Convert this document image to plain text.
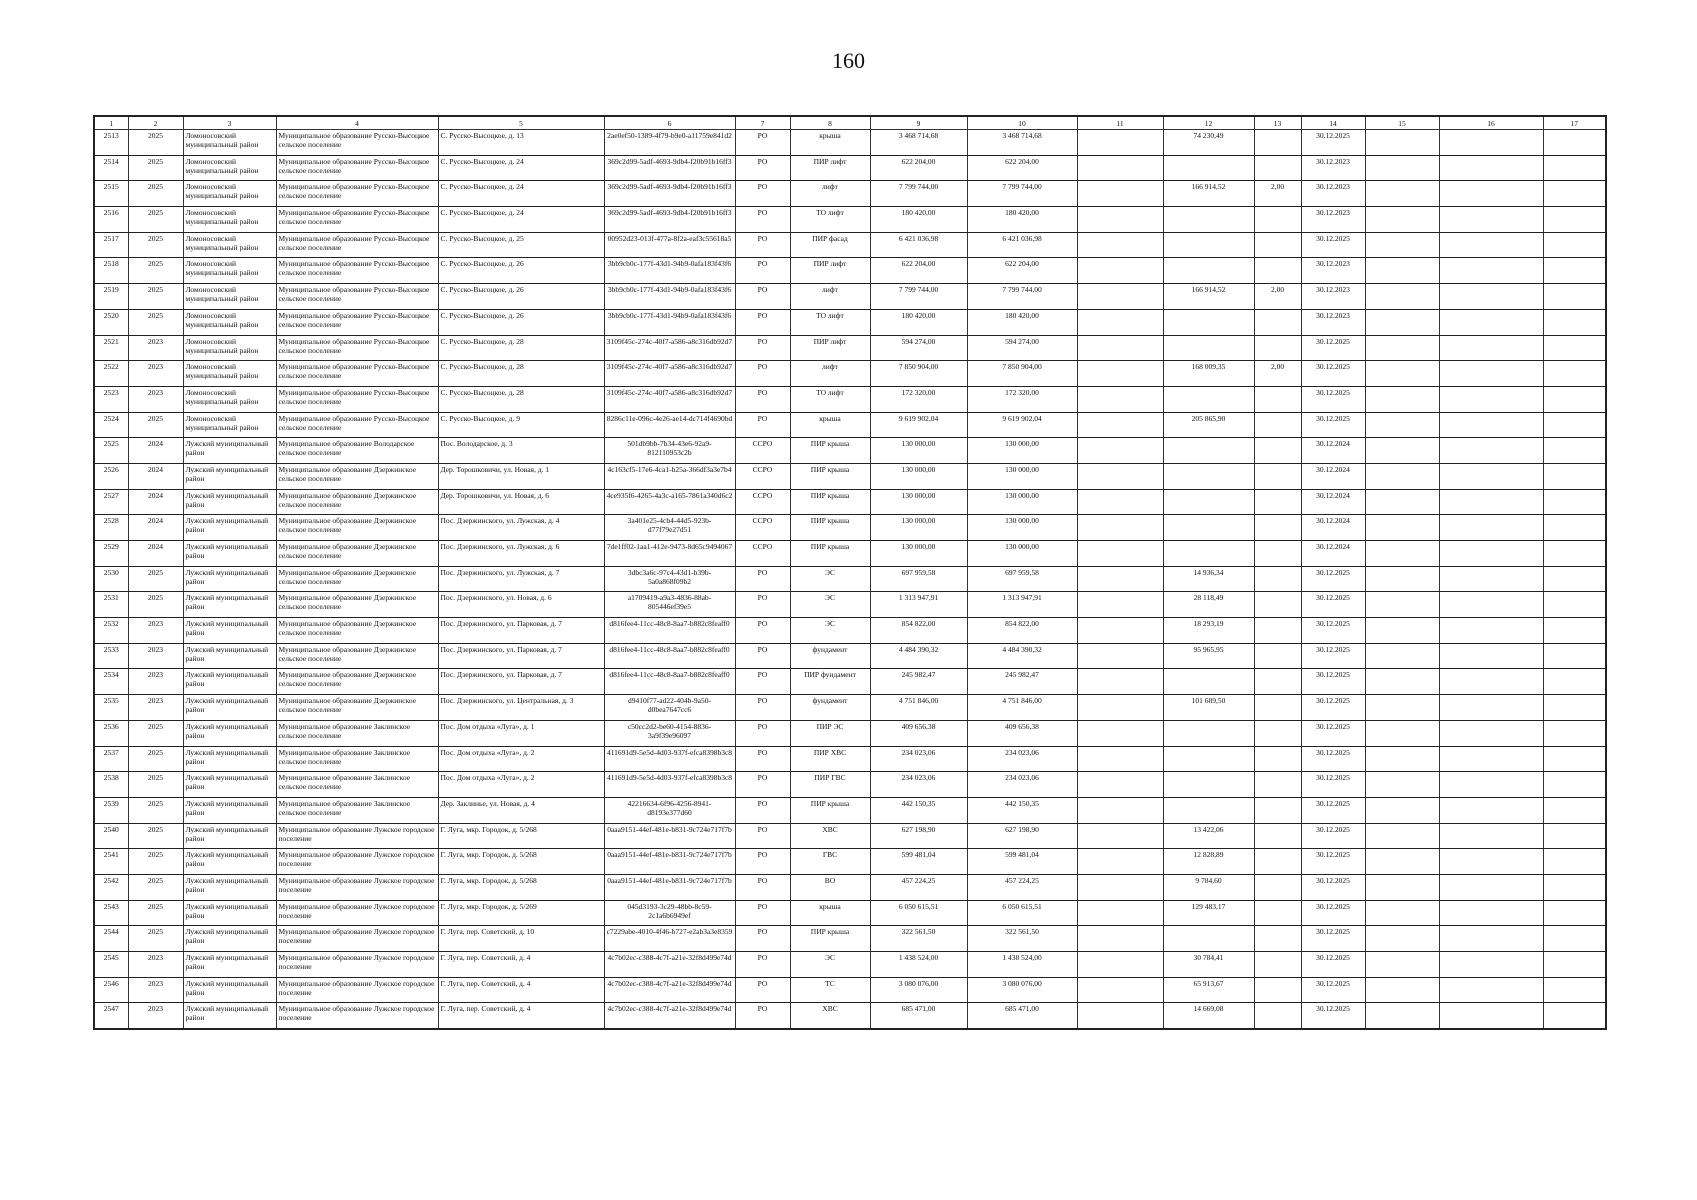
160
1	2	3	4	5	6	7	8	9	10	11	12	13	14	15	16	17
2513	2025	Ломоносовский муниципальный район	Муниципальное образование Русско-Высоцкое сельское поселение	С. Русско-Высоцкое, д. 13	2ae0ef50-1389-4f79-b9e0-a11759e841d2	РО	крыша	3 468 714,68	3 468 714,68		74 230,49		30.12.2025			
2514	2025	Ломоносовский муниципальный район	Муниципальное образование Русско-Высоцкое сельское поселение	С. Русско-Высоцкое, д. 24	369c2d99-5adf-4693-9db4-f20b91b16ff3	РО	ПИР лифт	622 204,00	622 204,00				30.12.2023			
2515	2025	Ломоносовский муниципальный район	Муниципальное образование Русско-Высоцкое сельское поселение	С. Русско-Высоцкое, д. 24	369c2d99-5adf-4693-9db4-f20b91b16ff3	РО	лифт	7 799 744,00	7 799 744,00		166 914,52	2,00	30.12.2023			
2516	2025	Ломоносовский муниципальный район	Муниципальное образование Русско-Высоцкое сельское поселение	С. Русско-Высоцкое, д. 24	369c2d99-5adf-4693-9db4-f20b91b16ff3	РО	ТО лифт	180 420,00	180 420,00				30.12.2023			
2517	2025	Ломоносовский муниципальный район	Муниципальное образование Русско-Высоцкое сельское поселение	С. Русско-Высоцкое, д. 25	00952d23-013f-477a-8f2a-eaf3c55618a5	РО	ПИР фасад	6 421 036,98	6 421 036,98				30.12.2025			
2518	2025	Ломоносовский муниципальный район	Муниципальное образование Русско-Высоцкое сельское поселение	С. Русско-Высоцкое, д. 26	3bb9cb0c-177f-43d1-94b9-0afa183f43f6	РО	ПИР лифт	622 204,00	622 204,00				30.12.2023			
2519	2025	Ломоносовский муниципальный район	Муниципальное образование Русско-Высоцкое сельское поселение	С. Русско-Высоцкое, д. 26	3bb9cb0c-177f-43d1-94b9-0afa183f43f6	РО	лифт	7 799 744,00	7 799 744,00		166 914,52	2,00	30.12.2023			
2520	2025	Ломоносовский муниципальный район	Муниципальное образование Русско-Высоцкое сельское поселение	С. Русско-Высоцкое, д. 26	3bb9cb0c-177f-43d1-94b9-0afa183f43f6	РО	ТО лифт	180 420,00	180 420,00				30.12.2023			
2521	2023	Ломоносовский муниципальный район	Муниципальное образование Русско-Высоцкое сельское поселение	С. Русско-Высоцкое, д. 28	3109f45c-274c-40f7-a586-a8c316db92d7	РО	ПИР лифт	594 274,00	594 274,00				30.12.2025			
2522	2023	Ломоносовский муниципальный район	Муниципальное образование Русско-Высоцкое сельское поселение	С. Русско-Высоцкое, д. 28	3109f45c-274c-40f7-a586-a8c316db92d7	РО	лифт	7 850 904,00	7 850 904,00		168 009,35	2,00	30.12.2025			
2523	2023	Ломоносовский муниципальный район	Муниципальное образование Русско-Высоцкое сельское поселение	С. Русско-Высоцкое, д. 28	3109f45c-274c-40f7-a586-a8c316db92d7	РО	ТО лифт	172 320,00	172 320,00				30.12.2025			
2524	2025	Ломоносовский муниципальный район	Муниципальное образование Русско-Высоцкое сельское поселение	С. Русско-Высоцкое, д. 9	8286c11e-096c-4e26-ae14-dc714f4690bd	РО	крыша	9 619 902,04	9 619 902,04		205 865,90		30.12.2025			
2525	2024	Лужский муниципальный район	Муниципальное образование Володарское сельское поселение	Пос. Володарское, д. 3	501db9bb-7b34-43e6-92a9-812110953c2b	ССРО	ПИР крыша	130 000,00	130 000,00				30.12.2024			
2526	2024	Лужский муниципальный район	Муниципальное образование Дзержинское сельское поселение	Дер. Торошковичи, ул. Новая, д. 1	4c163cf5-17e6-4ca1-b25a-366df3a3e7b4	ССРО	ПИР крыша	130 000,00	130 000,00				30.12.2024			
2527	2024	Лужский муниципальный район	Муниципальное образование Дзержинское сельское поселение	Дер. Торошковичи, ул. Новая, д. 6	4ce935f6-4265-4a3c-a165-7861a340d6c2	ССРО	ПИР крыша	130 000,00	130 000,00				30.12.2024			
2528	2024	Лужский муниципальный район	Муниципальное образование Дзержинское сельское поселение	Пос. Дзержинского, ул. Лужская, д. 4	3a401e25-4cb4-44d5-923b-d77f79e27d51	ССРО	ПИР крыша	130 000,00	130 000,00				30.12.2024			
2529	2024	Лужский муниципальный район	Муниципальное образование Дзержинское сельское поселение	Пос. Дзержинского, ул. Лужская, д. 6	7de1ff02-1aa1-412e-9473-8d65c9494067	ССРО	ПИР крыша	130 000,00	130 000,00				30.12.2024			
2530	2025	Лужский муниципальный район	Муниципальное образование Дзержинское сельское поселение	Пос. Дзержинского, ул. Лужская, д. 7	3dbc3a6c-97c4-43d1-b39b-5a0a868f09b2	РО	ЭС	697 959,58	697 959,58		14 936,34		30.12.2025			
2531	2025	Лужский муниципальный район	Муниципальное образование Дзержинское сельское поселение	Пос. Дзержинского, ул. Новая, д. 6	a1709419-a9a3-4836-88ab-805446ef39e5	РО	ЭС	1 313 947,91	1 313 947,91		28 118,49		30.12.2025			
2532	2023	Лужский муниципальный район	Муниципальное образование Дзержинское сельское поселение	Пос. Дзержинского, ул. Парковая, д. 7	d816fee4-11cc-48c8-8aa7-b882c8feaff0	РО	ЭС	854 822,00	854 822,00		18 293,19		30.12.2025			
2533	2023	Лужский муниципальный район	Муниципальное образование Дзержинское сельское поселение	Пос. Дзержинского, ул. Парковая, д. 7	d816fee4-11cc-48c8-8aa7-b882c8feaff0	РО	фундамент	4 484 390,32	4 484 390,32		95 965,95		30.12.2025			
2534	2023	Лужский муниципальный район	Муниципальное образование Дзержинское сельское поселение	Пос. Дзержинского, ул. Парковая, д. 7	d816fee4-11cc-48c8-8aa7-b882c8feaff0	РО	ПИР фундамент	245 982,47	245 982,47				30.12.2025			
2535	2023	Лужский муниципальный район	Муниципальное образование Дзержинское сельское поселение	Пос. Дзержинского, ул. Центральная, д. 3	d9410f77-ad22-404b-9a50-d0bea7647cc6	РО	фундамент	4 751 846,00	4 751 846,00		101 689,50		30.12.2025			
2536	2025	Лужский муниципальный район	Муниципальное образование Заклинское сельское поселение	Пос. Дом отдыха «Луга», д. 1	c50cc2d2-be60-4154-8836-3a9f39e96097	РО	ПИР ЭС	409 656,38	409 656,38				30.12.2025			
2537	2025	Лужский муниципальный район	Муниципальное образование Заклинское сельское поселение	Пос. Дом отдыха «Луга», д. 2	411691d9-5e5d-4d03-937f-efca8398b3c8	РО	ПИР ХВС	234 023,06	234 023,06				30.12.2025			
2538	2025	Лужский муниципальный район	Муниципальное образование Заклинское сельское поселение	Пос. Дом отдыха «Луга», д. 2	411691d9-5e5d-4d03-937f-efca8398b3c8	РО	ПИР ГВС	234 023,06	234 023,06				30.12.2025			
2539	2025	Лужский муниципальный район	Муниципальное образование Заклинское сельское поселение	Дер. Заклинье, ул. Новая, д. 4	42216634-6f96-4256-8941-d8193e377d60	РО	ПИР крыша	442 150,35	442 150,35				30.12.2025			
2540	2025	Лужский муниципальный район	Муниципальное образование Лужское городское поселение	Г. Луга, мкр. Городок, д. 5/268	0aaa9151-44ef-481e-b831-9c724e717f7b	РО	ХВС	627 198,90	627 198,90		13 422,06		30.12.2025			
2541	2025	Лужский муниципальный район	Муниципальное образование Лужское городское поселение	Г. Луга, мкр. Городок, д. 5/268	0aaa9151-44ef-481e-b831-9c724e717f7b	РО	ГВС	599 481,04	599 481,04		12 828,89		30.12.2025			
2542	2025	Лужский муниципальный район	Муниципальное образование Лужское городское поселение	Г. Луга, мкр. Городок, д. 5/268	0aaa9151-44ef-481e-b831-9c724e717f7b	РО	ВО	457 224,25	457 224,25		9 784,60		30.12.2025			
2543	2025	Лужский муниципальный район	Муниципальное образование Лужское городское поселение	Г. Луга, мкр. Городок, д. 5/269	045d3193-3c29-48bb-8c59-2c1a6b6949ef	РО	крыша	6 050 615,51	6 050 615,51		129 483,17		30.12.2025			
2544	2025	Лужский муниципальный район	Муниципальное образование Лужское городское поселение	Г. Луга, пер. Советский, д. 10	c7229abe-4010-4f46-b727-e2ab3a3e8359	РО	ПИР крыша	322 561,50	322 561,50				30.12.2025			
2545	2023	Лужский муниципальный район	Муниципальное образование Лужское городское поселение	Г. Луга, пер. Советский, д. 4	4c7b02ec-c388-4c7f-a21e-32f8d499e74d	РО	ЭС	1 438 524,00	1 438 524,00		30 784,41		30.12.2025			
2546	2023	Лужский муниципальный район	Муниципальное образование Лужское городское поселение	Г. Луга, пер. Советский, д. 4	4c7b02ec-c388-4c7f-a21e-32f8d499e74d	РО	ТС	3 080 076,00	3 080 076,00		65 913,67		30.12.2025			
2547	2023	Лужский муниципальный район	Муниципальное образование Лужское городское поселение	Г. Луга, пер. Советский, д. 4	4c7b02ec-c388-4c7f-a21e-32f8d499e74d	РО	ХВС	685 471,00	685 471,00		14 669,08		30.12.2025			
